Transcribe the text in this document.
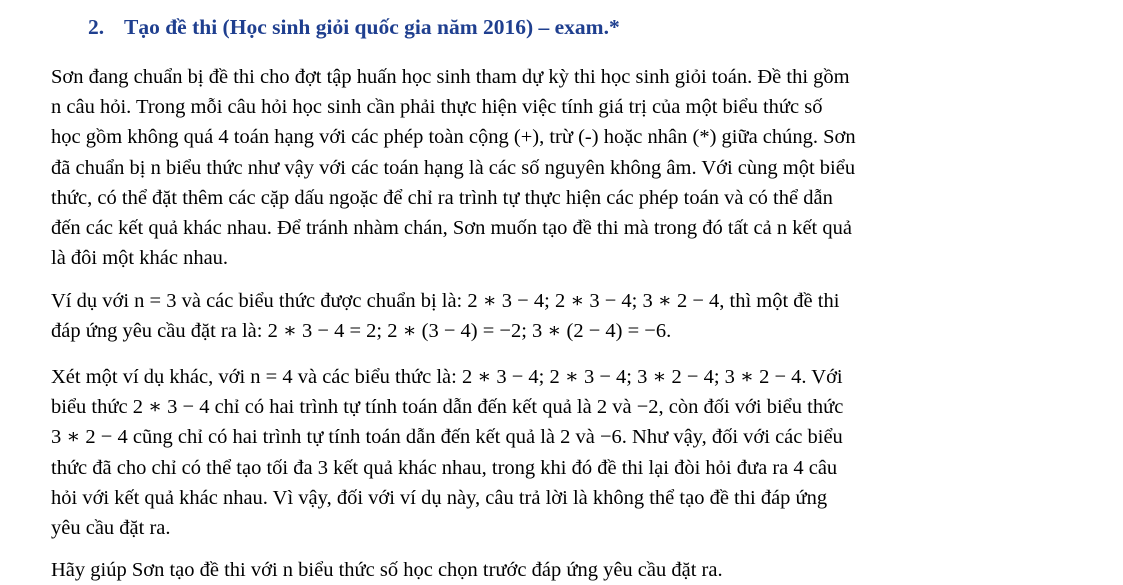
2. Tạo đề thi (Học sinh giỏi quốc gia năm 2016) – exam.*
Sơn đang chuẩn bị đề thi cho đợt tập huấn học sinh tham dự kỳ thi học sinh giỏi toán. Đề thi gồm
n câu hỏi. Trong mỗi câu hỏi học sinh cần phải thực hiện việc tính giá trị của một biểu thức số
học gồm không quá 4 toán hạng với các phép toàn cộng (+), trừ (-) hoặc nhân (*) giữa chúng. Sơn
đã chuẩn bị n biểu thức như vậy với các toán hạng là các số nguyên không âm. Với cùng một biểu
thức, có thể đặt thêm các cặp dấu ngoặc để chỉ ra trình tự thực hiện các phép toán và có thể dẫn
đến các kết quả khác nhau. Để tránh nhàm chán, Sơn muốn tạo đề thi mà trong đó tất cả n kết quả
là đôi một khác nhau.
Ví dụ với n = 3 và các biểu thức được chuẩn bị là: 2 ∗ 3 − 4; 2 ∗ 3 − 4; 3 ∗ 2 − 4, thì một đề thi
đáp ứng yêu cầu đặt ra là: 2 ∗ 3 − 4 = 2; 2 ∗ (3 − 4) = −2; 3 ∗ (2 − 4) = −6.
Xét một ví dụ khác, với n = 4 và các biểu thức là: 2 ∗ 3 − 4; 2 ∗ 3 − 4; 3 ∗ 2 − 4; 3 ∗ 2 − 4. Với
biểu thức 2 ∗ 3 − 4 chỉ có hai trình tự tính toán dẫn đến kết quả là 2 và −2, còn đối với biểu thức
3 ∗ 2 − 4 cũng chỉ có hai trình tự tính toán dẫn đến kết quả là 2 và −6. Như vậy, đối với các biểu
thức đã cho chỉ có thể tạo tối đa 3 kết quả khác nhau, trong khi đó đề thi lại đòi hỏi đưa ra 4 câu
hỏi với kết quả khác nhau. Vì vậy, đối với ví dụ này, câu trả lời là không thể tạo đề thi đáp ứng
yêu cầu đặt ra.
Hãy giúp Sơn tạo đề thi với n biểu thức số học chọn trước đáp ứng yêu cầu đặt ra.
